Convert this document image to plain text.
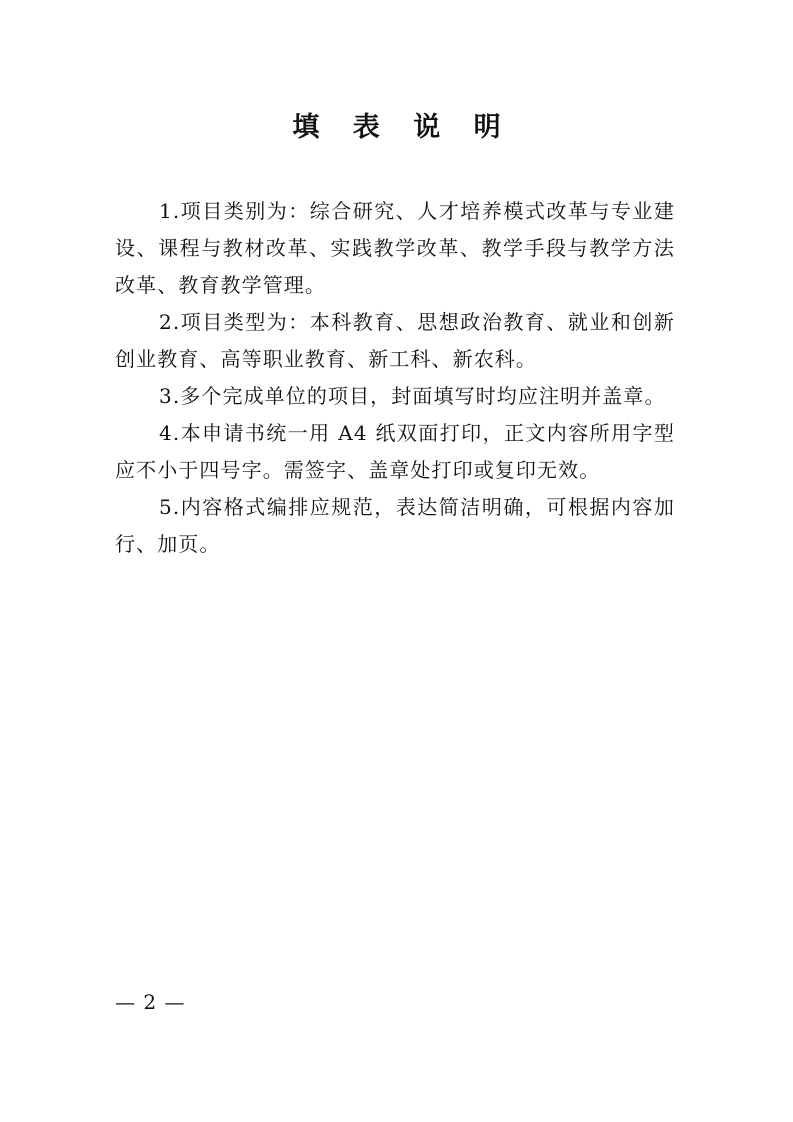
填 表 说 明

1.项目类别为：综合研究、人才培养模式改革与专业建设、课程与教材改革、实践教学改革、教学手段与教学方法改革、教育教学管理。

2.项目类型为：本科教育、思想政治教育、就业和创新创业教育、高等职业教育、新工科、新农科。

3.多个完成单位的项目，封面填写时均应注明并盖章。

4.本申请书统一用 A4 纸双面打印，正文内容所用字型应不小于四号字。需签字、盖章处打印或复印无效。

5.内容格式编排应规范，表达简洁明确，可根据内容加行、加页。

— 2 —
